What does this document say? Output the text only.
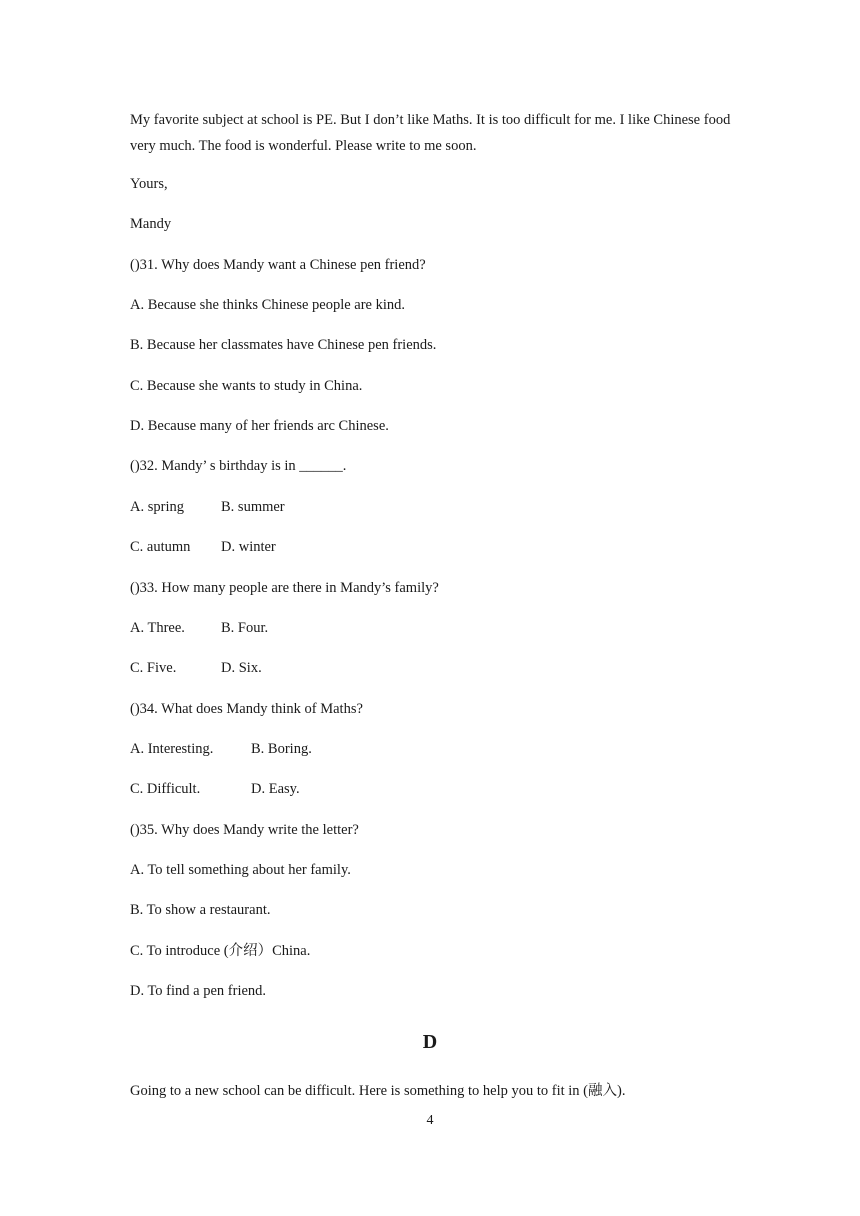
My favorite subject at school is PE. But I don’t like Maths. It is too difficult for me. I like Chinese food very much. The food is wonderful. Please write to me soon.

Yours,

Mandy

()31. Why does Mandy want a Chinese pen friend?

A. Because she thinks Chinese people are kind.

B. Because her classmates have Chinese pen friends.

C. Because she wants to study in China.

D. Because many of her friends arc Chinese.

()32. Mandy’ s birthday is in ______.

A. spring	B. summer

C. autumn D. winter

()33. How many people are there in Mandy’s family?

A. Three. B. Four.

C. Five.	D. Six.

()34. What does Mandy think of Maths?

A. Interesting.	B. Boring.

C. Difficult.	D. Easy.

()35. Why does Mandy write the letter?

A. To tell something about her family.

B. To show a restaurant.

C. To introduce (介绍）China.

D. To find a pen friend.

D

Going to a new school can be difficult. Here is something to help you to fit in (融入).

4
